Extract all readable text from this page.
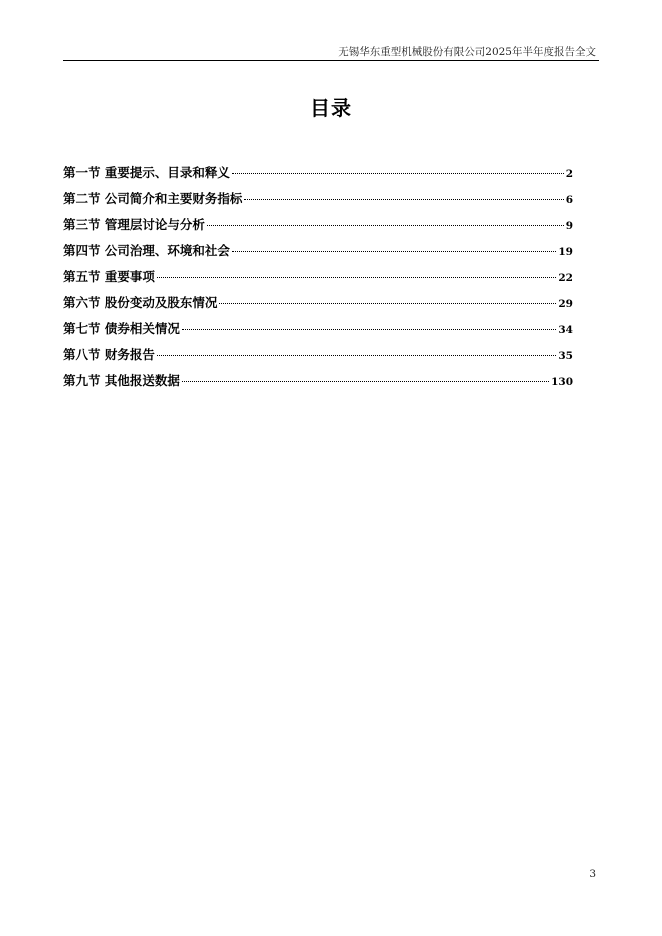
无锡华东重型机械股份有限公司2025年半年度报告全文
目录
第一节 重要提示、目录和释义	2
第二节 公司简介和主要财务指标	6
第三节 管理层讨论与分析	9
第四节 公司治理、环境和社会	19
第五节 重要事项	22
第六节 股份变动及股东情况	29
第七节 债券相关情况	34
第八节 财务报告	35
第九节 其他报送数据	130
3
